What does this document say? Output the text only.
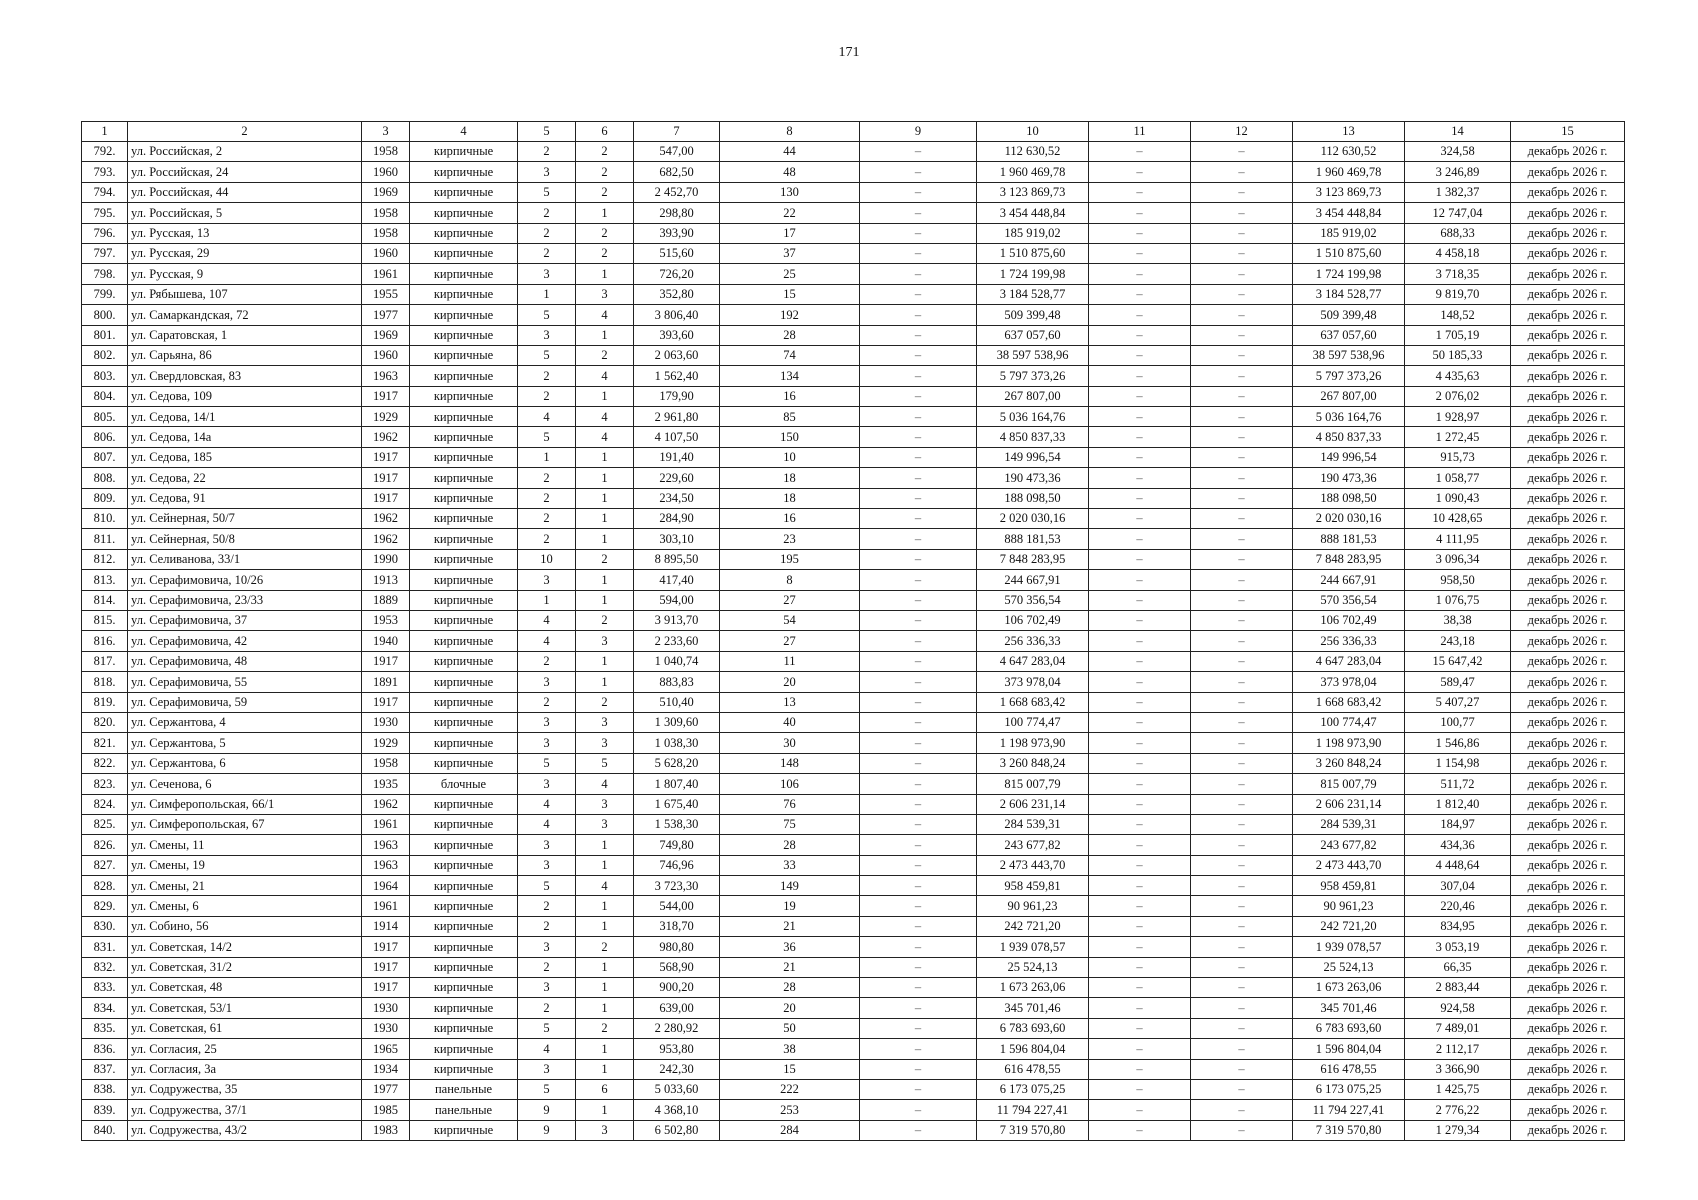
171
1	2	3	4	5	6	7	8	9	10	11	12	13	14	15
792.	ул. Российская, 2	1958	кирпичные	2	2	547,00	44	–	112 630,52	–	–	112 630,52	324,58	декабрь 2026 г.
793.	ул. Российская, 24	1960	кирпичные	3	2	682,50	48	–	1 960 469,78	–	–	1 960 469,78	3 246,89	декабрь 2026 г.
794.	ул. Российская, 44	1969	кирпичные	5	2	2 452,70	130	–	3 123 869,73	–	–	3 123 869,73	1 382,37	декабрь 2026 г.
795.	ул. Российская, 5	1958	кирпичные	2	1	298,80	22	–	3 454 448,84	–	–	3 454 448,84	12 747,04	декабрь 2026 г.
796.	ул. Русская, 13	1958	кирпичные	2	2	393,90	17	–	185 919,02	–	–	185 919,02	688,33	декабрь 2026 г.
797.	ул. Русская, 29	1960	кирпичные	2	2	515,60	37	–	1 510 875,60	–	–	1 510 875,60	4 458,18	декабрь 2026 г.
798.	ул. Русская, 9	1961	кирпичные	3	1	726,20	25	–	1 724 199,98	–	–	1 724 199,98	3 718,35	декабрь 2026 г.
799.	ул. Рябышева, 107	1955	кирпичные	1	3	352,80	15	–	3 184 528,77	–	–	3 184 528,77	9 819,70	декабрь 2026 г.
800.	ул. Самаркандская, 72	1977	кирпичные	5	4	3 806,40	192	–	509 399,48	–	–	509 399,48	148,52	декабрь 2026 г.
801.	ул. Саратовская, 1	1969	кирпичные	3	1	393,60	28	–	637 057,60	–	–	637 057,60	1 705,19	декабрь 2026 г.
802.	ул. Сарьяна, 86	1960	кирпичные	5	2	2 063,60	74	–	38 597 538,96	–	–	38 597 538,96	50 185,33	декабрь 2026 г.
803.	ул. Свердловская, 83	1963	кирпичные	2	4	1 562,40	134	–	5 797 373,26	–	–	5 797 373,26	4 435,63	декабрь 2026 г.
804.	ул. Седова, 109	1917	кирпичные	2	1	179,90	16	–	267 807,00	–	–	267 807,00	2 076,02	декабрь 2026 г.
805.	ул. Седова, 14/1	1929	кирпичные	4	4	2 961,80	85	–	5 036 164,76	–	–	5 036 164,76	1 928,97	декабрь 2026 г.
806.	ул. Седова, 14а	1962	кирпичные	5	4	4 107,50	150	–	4 850 837,33	–	–	4 850 837,33	1 272,45	декабрь 2026 г.
807.	ул. Седова, 185	1917	кирпичные	1	1	191,40	10	–	149 996,54	–	–	149 996,54	915,73	декабрь 2026 г.
808.	ул. Седова, 22	1917	кирпичные	2	1	229,60	18	–	190 473,36	–	–	190 473,36	1 058,77	декабрь 2026 г.
809.	ул. Седова, 91	1917	кирпичные	2	1	234,50	18	–	188 098,50	–	–	188 098,50	1 090,43	декабрь 2026 г.
810.	ул. Сейнерная, 50/7	1962	кирпичные	2	1	284,90	16	–	2 020 030,16	–	–	2 020 030,16	10 428,65	декабрь 2026 г.
811.	ул. Сейнерная, 50/8	1962	кирпичные	2	1	303,10	23	–	888 181,53	–	–	888 181,53	4 111,95	декабрь 2026 г.
812.	ул. Селиванова, 33/1	1990	кирпичные	10	2	8 895,50	195	–	7 848 283,95	–	–	7 848 283,95	3 096,34	декабрь 2026 г.
813.	ул. Серафимовича, 10/26	1913	кирпичные	3	1	417,40	8	–	244 667,91	–	–	244 667,91	958,50	декабрь 2026 г.
814.	ул. Серафимовича, 23/33	1889	кирпичные	1	1	594,00	27	–	570 356,54	–	–	570 356,54	1 076,75	декабрь 2026 г.
815.	ул. Серафимовича, 37	1953	кирпичные	4	2	3 913,70	54	–	106 702,49	–	–	106 702,49	38,38	декабрь 2026 г.
816.	ул. Серафимовича, 42	1940	кирпичные	4	3	2 233,60	27	–	256 336,33	–	–	256 336,33	243,18	декабрь 2026 г.
817.	ул. Серафимовича, 48	1917	кирпичные	2	1	1 040,74	11	–	4 647 283,04	–	–	4 647 283,04	15 647,42	декабрь 2026 г.
818.	ул. Серафимовича, 55	1891	кирпичные	3	1	883,83	20	–	373 978,04	–	–	373 978,04	589,47	декабрь 2026 г.
819.	ул. Серафимовича, 59	1917	кирпичные	2	2	510,40	13	–	1 668 683,42	–	–	1 668 683,42	5 407,27	декабрь 2026 г.
820.	ул. Сержантова, 4	1930	кирпичные	3	3	1 309,60	40	–	100 774,47	–	–	100 774,47	100,77	декабрь 2026 г.
821.	ул. Сержантова, 5	1929	кирпичные	3	3	1 038,30	30	–	1 198 973,90	–	–	1 198 973,90	1 546,86	декабрь 2026 г.
822.	ул. Сержантова, 6	1958	кирпичные	5	5	5 628,20	148	–	3 260 848,24	–	–	3 260 848,24	1 154,98	декабрь 2026 г.
823.	ул. Сеченова, 6	1935	блочные	3	4	1 807,40	106	–	815 007,79	–	–	815 007,79	511,72	декабрь 2026 г.
824.	ул. Симферопольская, 66/1	1962	кирпичные	4	3	1 675,40	76	–	2 606 231,14	–	–	2 606 231,14	1 812,40	декабрь 2026 г.
825.	ул. Симферопольская, 67	1961	кирпичные	4	3	1 538,30	75	–	284 539,31	–	–	284 539,31	184,97	декабрь 2026 г.
826.	ул. Смены, 11	1963	кирпичные	3	1	749,80	28	–	243 677,82	–	–	243 677,82	434,36	декабрь 2026 г.
827.	ул. Смены, 19	1963	кирпичные	3	1	746,96	33	–	2 473 443,70	–	–	2 473 443,70	4 448,64	декабрь 2026 г.
828.	ул. Смены, 21	1964	кирпичные	5	4	3 723,30	149	–	958 459,81	–	–	958 459,81	307,04	декабрь 2026 г.
829.	ул. Смены, 6	1961	кирпичные	2	1	544,00	19	–	90 961,23	–	–	90 961,23	220,46	декабрь 2026 г.
830.	ул. Собино, 56	1914	кирпичные	2	1	318,70	21	–	242 721,20	–	–	242 721,20	834,95	декабрь 2026 г.
831.	ул. Советская, 14/2	1917	кирпичные	3	2	980,80	36	–	1 939 078,57	–	–	1 939 078,57	3 053,19	декабрь 2026 г.
832.	ул. Советская, 31/2	1917	кирпичные	2	1	568,90	21	–	25 524,13	–	–	25 524,13	66,35	декабрь 2026 г.
833.	ул. Советская, 48	1917	кирпичные	3	1	900,20	28	–	1 673 263,06	–	–	1 673 263,06	2 883,44	декабрь 2026 г.
834.	ул. Советская, 53/1	1930	кирпичные	2	1	639,00	20	–	345 701,46	–	–	345 701,46	924,58	декабрь 2026 г.
835.	ул. Советская, 61	1930	кирпичные	5	2	2 280,92	50	–	6 783 693,60	–	–	6 783 693,60	7 489,01	декабрь 2026 г.
836.	ул. Согласия, 25	1965	кирпичные	4	1	953,80	38	–	1 596 804,04	–	–	1 596 804,04	2 112,17	декабрь 2026 г.
837.	ул. Согласия, 3а	1934	кирпичные	3	1	242,30	15	–	616 478,55	–	–	616 478,55	3 366,90	декабрь 2026 г.
838.	ул. Содружества, 35	1977	панельные	5	6	5 033,60	222	–	6 173 075,25	–	–	6 173 075,25	1 425,75	декабрь 2026 г.
839.	ул. Содружества, 37/1	1985	панельные	9	1	4 368,10	253	–	11 794 227,41	–	–	11 794 227,41	2 776,22	декабрь 2026 г.
840.	ул. Содружества, 43/2	1983	кирпичные	9	3	6 502,80	284	–	7 319 570,80	–	–	7 319 570,80	1 279,34	декабрь 2026 г.
